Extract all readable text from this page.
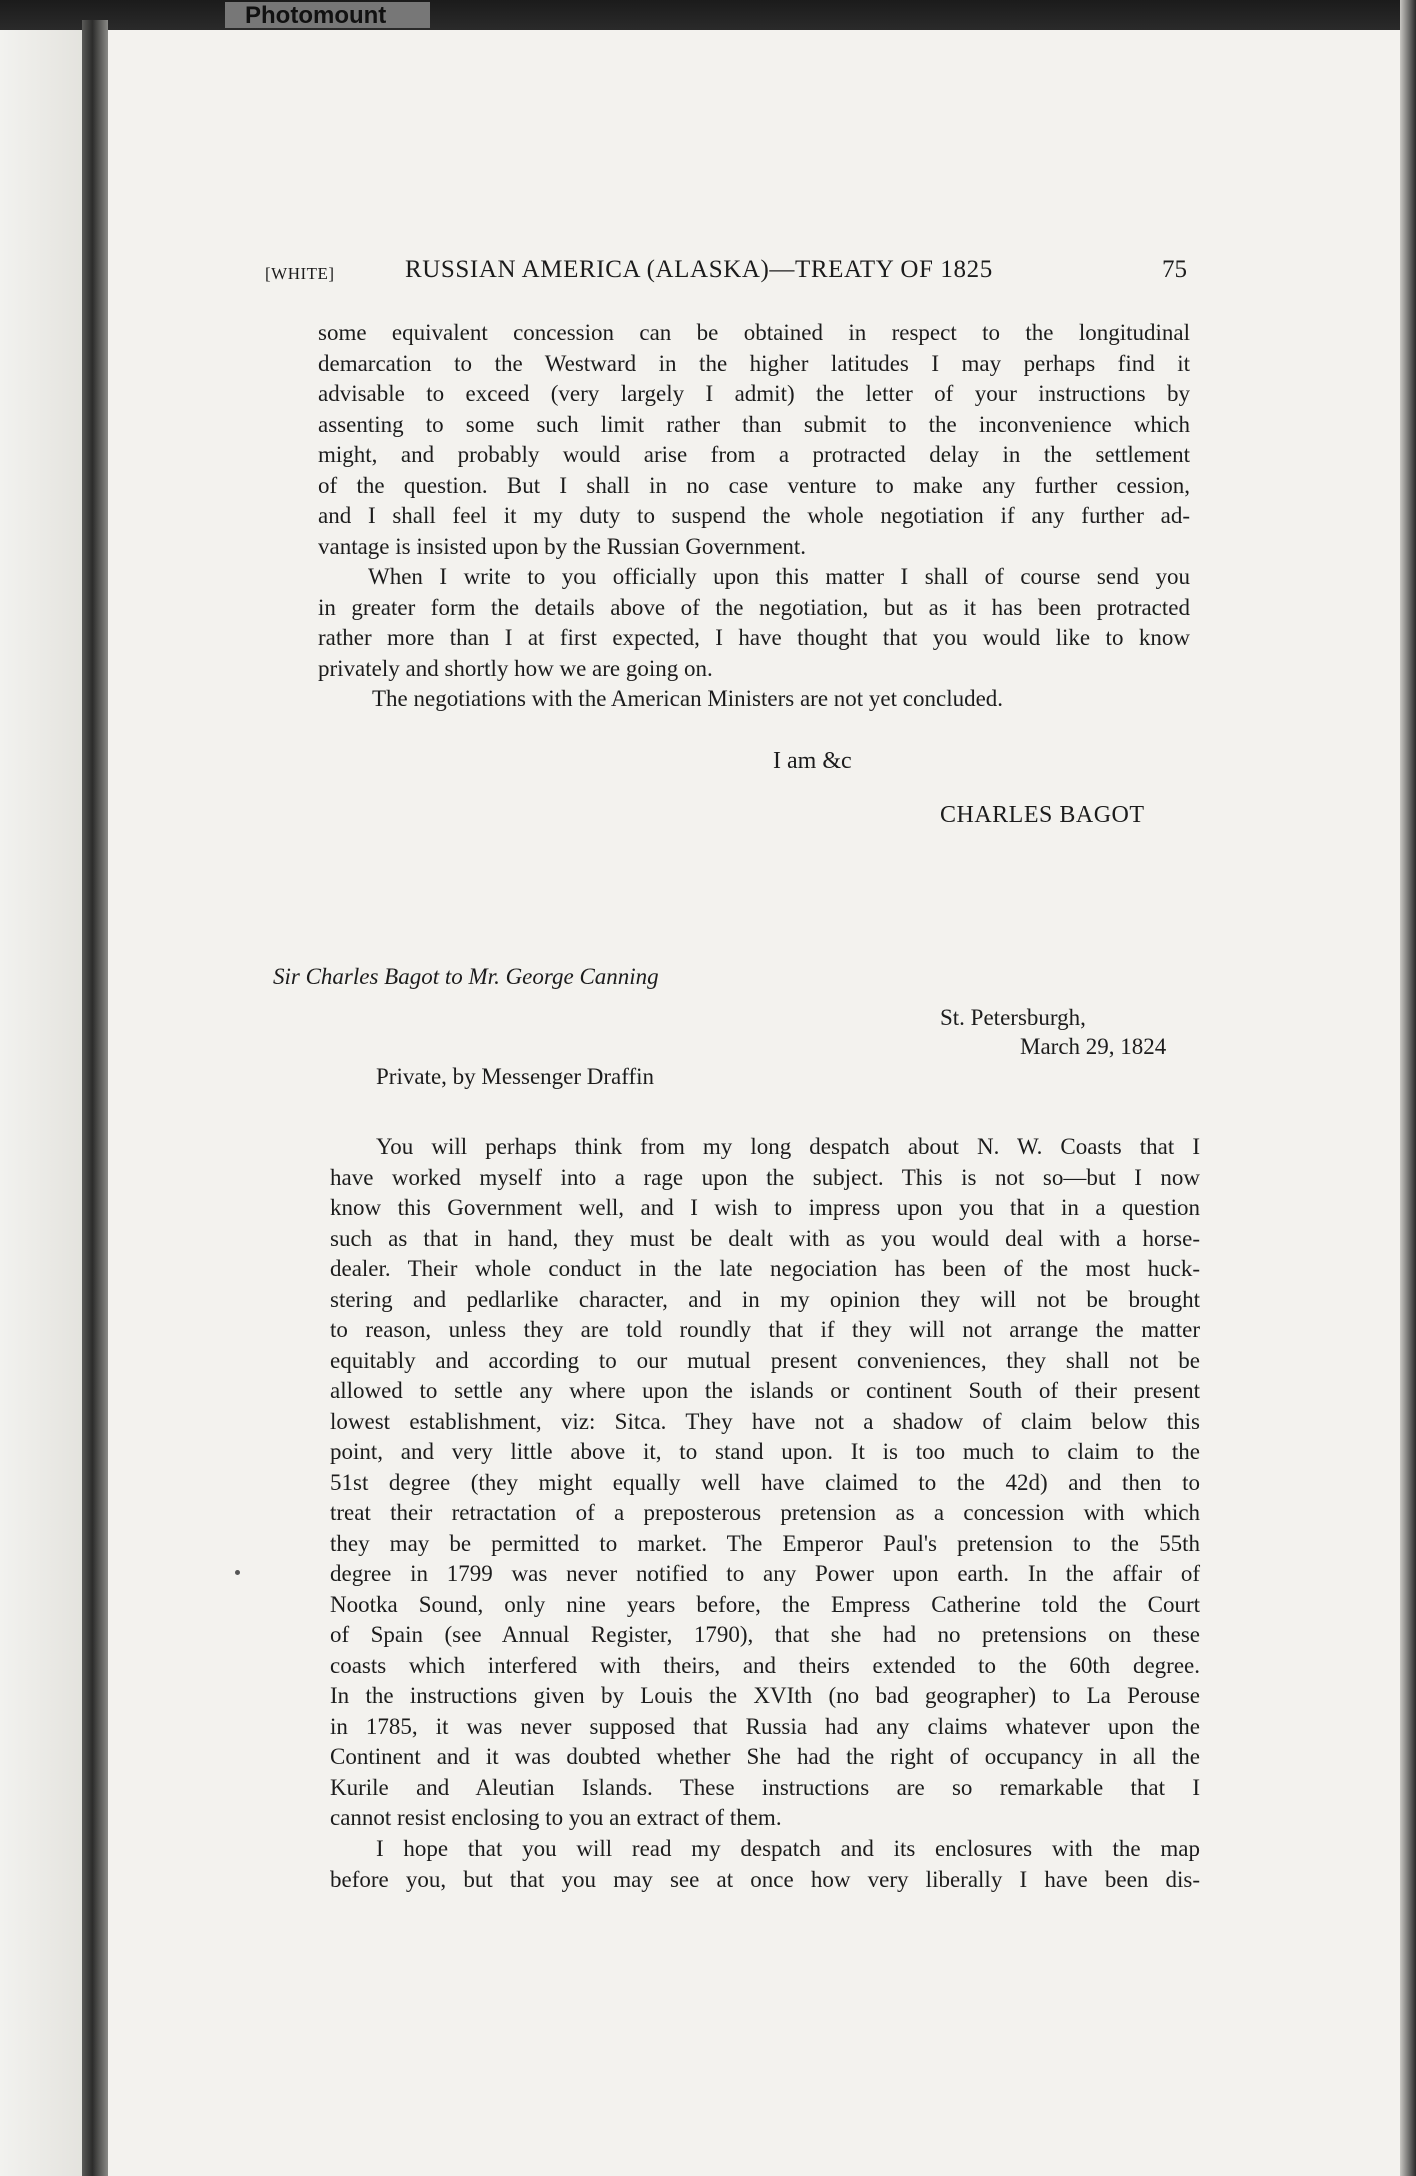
Photomount
[WHITE]	RUSSIAN AMERICA (ALASKA)—TREATY OF 1825	75
some equivalent concession can be obtained in respect to the longitudinal
demarcation to the Westward in the higher latitudes I may perhaps find it
advisable to exceed (very largely I admit) the letter of your instructions by
assenting to some such limit rather than submit to the inconvenience which
might, and probably would arise from a protracted delay in the settlement
of the question. But I shall in no case venture to make any further cession,
and I shall feel it my duty to suspend the whole negotiation if any further ad-
vantage is insisted upon by the Russian Government.
When I write to you officially upon this matter I shall of course send you
in greater form the details above of the negotiation, but as it has been protracted
rather more than I at first expected, I have thought that you would like to know
privately and shortly how we are going on.
The negotiations with the American Ministers are not yet concluded.
I am &c
CHARLES BAGOT
Sir Charles Bagot to Mr. George Canning
St. Petersburgh,
March 29, 1824
Private, by Messenger Draffin
You will perhaps think from my long despatch about N. W. Coasts that I
have worked myself into a rage upon the subject. This is not so—but I now
know this Government well, and I wish to impress upon you that in a question
such as that in hand, they must be dealt with as you would deal with a horse-
dealer. Their whole conduct in the late negociation has been of the most huck-
stering and pedlarlike character, and in my opinion they will not be brought
to reason, unless they are told roundly that if they will not arrange the matter
equitably and according to our mutual present conveniences, they shall not be
allowed to settle any where upon the islands or continent South of their present
lowest establishment, viz: Sitca. They have not a shadow of claim below this
point, and very little above it, to stand upon. It is too much to claim to the
51st degree (they might equally well have claimed to the 42d) and then to
treat their retractation of a preposterous pretension as a concession with which
they may be permitted to market. The Emperor Paul's pretension to the 55th
degree in 1799 was never notified to any Power upon earth. In the affair of
Nootka Sound, only nine years before, the Empress Catherine told the Court
of Spain (see Annual Register, 1790), that she had no pretensions on these
coasts which interfered with theirs, and theirs extended to the 60th degree.
In the instructions given by Louis the XVIth (no bad geographer) to La Perouse
in 1785, it was never supposed that Russia had any claims whatever upon the
Continent and it was doubted whether She had the right of occupancy in all the
Kurile and Aleutian Islands. These instructions are so remarkable that I
cannot resist enclosing to you an extract of them.
I hope that you will read my despatch and its enclosures with the map
before you, but that you may see at once how very liberally I have been dis-
